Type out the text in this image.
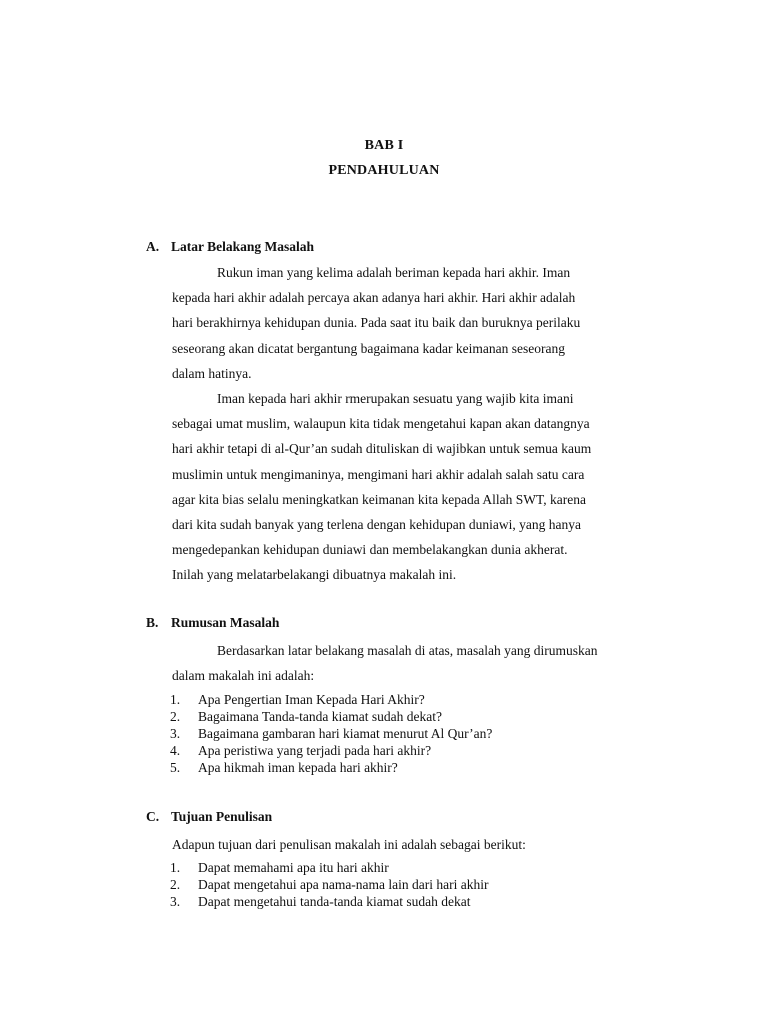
BAB I
PENDAHULUAN
A. Latar Belakang Masalah
Rukun iman yang kelima adalah beriman kepada hari akhir. Iman
kepada hari akhir adalah percaya akan adanya hari akhir. Hari akhir adalah
hari berakhirnya kehidupan dunia. Pada saat itu baik dan buruknya perilaku
seseorang akan dicatat bergantung bagaimana kadar keimanan seseorang
dalam hatinya.
Iman kepada hari akhir rmerupakan sesuatu yang wajib kita imani
sebagai umat muslim, walaupun kita tidak mengetahui kapan akan datangnya
hari akhir tetapi di al-Qur’an sudah dituliskan di wajibkan untuk semua kaum
muslimin untuk mengimaninya, mengimani hari akhir adalah salah satu cara
agar kita bias selalu meningkatkan keimanan kita kepada Allah SWT, karena
dari kita sudah banyak yang terlena dengan kehidupan duniawi, yang hanya
mengedepankan kehidupan duniawi dan membelakangkan dunia akherat.
Inilah yang melatarbelakangi dibuatnya makalah ini.
B. Rumusan Masalah
Berdasarkan latar belakang masalah di atas, masalah yang dirumuskan
dalam makalah ini adalah:
1. Apa Pengertian Iman Kepada Hari Akhir?
2. Bagaimana Tanda-tanda kiamat sudah dekat?
3. Bagaimana gambaran hari kiamat menurut Al Qur’an?
4. Apa peristiwa yang terjadi pada hari akhir?
5. Apa hikmah iman kepada hari akhir?
C. Tujuan Penulisan
Adapun tujuan dari penulisan makalah ini adalah sebagai berikut:
1. Dapat memahami apa itu hari akhir
2. Dapat mengetahui apa nama-nama lain dari hari akhir
3. Dapat mengetahui tanda-tanda kiamat sudah dekat
